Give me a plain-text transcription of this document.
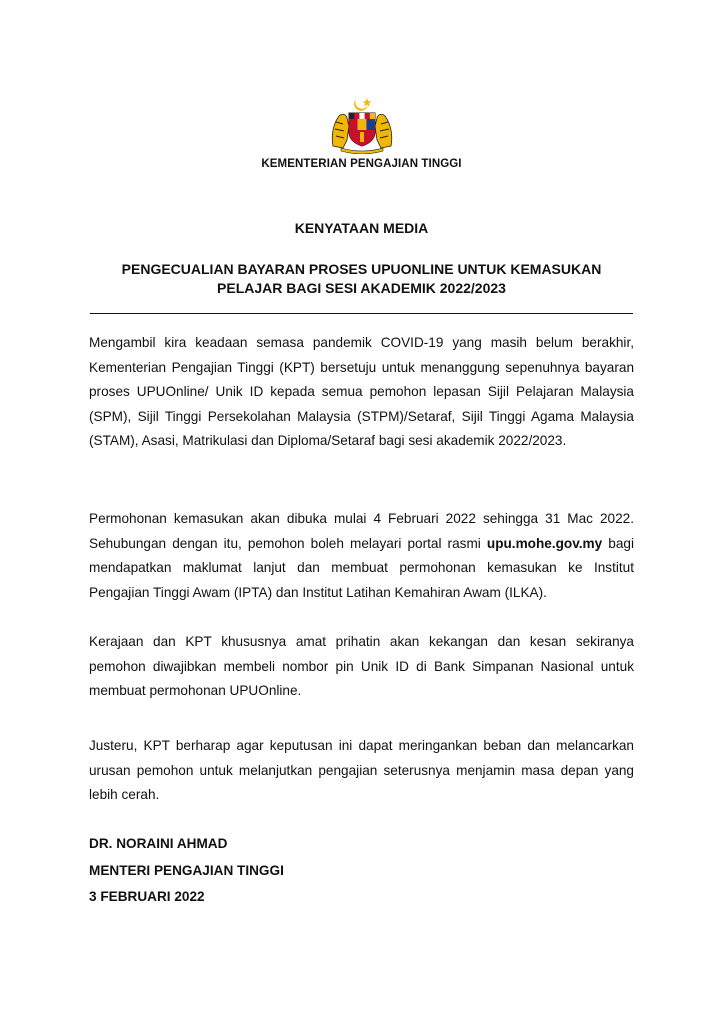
KEMENTERIAN PENGAJIAN TINGGI
KENYATAAN MEDIA
PENGECUALIAN BAYARAN PROSES UPUONLINE UNTUK KEMASUKAN
PELAJAR BAGI SESI AKADEMIK 2022/2023

Mengambil kira keadaan semasa pandemik COVID-19 yang masih belum berakhir, Kementerian Pengajian Tinggi (KPT) bersetuju untuk menanggung sepenuhnya bayaran proses UPUOnline/ Unik ID kepada semua pemohon lepasan Sijil Pelajaran Malaysia (SPM), Sijil Tinggi Persekolahan Malaysia (STPM)/Setaraf, Sijil Tinggi Agama Malaysia (STAM), Asasi, Matrikulasi dan Diploma/Setaraf bagi sesi akademik 2022/2023.

Permohonan kemasukan akan dibuka mulai 4 Februari 2022 sehingga 31 Mac 2022. Sehubungan dengan itu, pemohon boleh melayari portal rasmi upu.mohe.gov.my bagi mendapatkan maklumat lanjut dan membuat permohonan kemasukan ke Institut Pengajian Tinggi Awam (IPTA) dan Institut Latihan Kemahiran Awam (ILKA).

Kerajaan dan KPT khususnya amat prihatin akan kekangan dan kesan sekiranya pemohon diwajibkan membeli nombor pin Unik ID di Bank Simpanan Nasional untuk membuat permohonan UPUOnline.

Justeru, KPT berharap agar keputusan ini dapat meringankan beban dan melancarkan urusan pemohon untuk melanjutkan pengajian seterusnya menjamin masa depan yang lebih cerah.

DR. NORAINI AHMAD
MENTERI PENGAJIAN TINGGI
3 FEBRUARI 2022
